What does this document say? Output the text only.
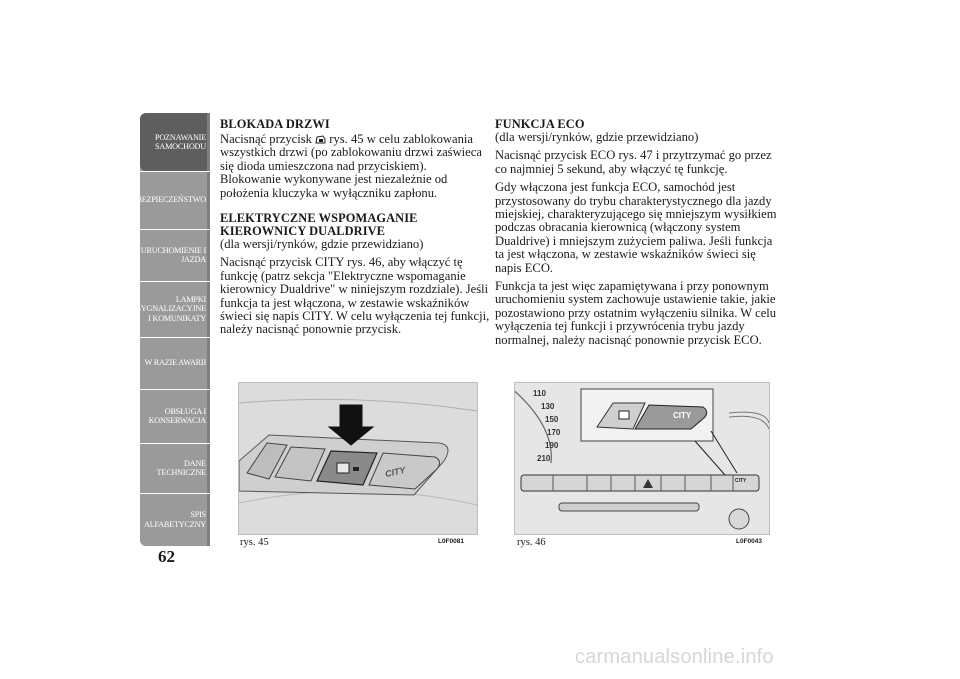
POZNAWANIE
SAMOCHODU
BEZPIECZEŃSTWO
URUCHOMIENIE I
JAZDA
LAMPKI
SYGNALIZACYJNE
I KOMUNIKATY
W RAZIE AWARII
OBSŁUGA I
KONSERWACJA
DANE
TECHNICZNE
SPIS
ALFABETYCZNY
62

BLOKADA DRZWI

Nacisnąć przycisk  rys. 45 w celu zablokowania wszystkich drzwi (po zablokowaniu drzwi zaświeca się dioda umieszczona nad przyciskiem). Blokowanie wykonywane jest niezależnie od położenia kluczyka w wyłączniku zapłonu.

ELEKTRYCZNE WSPOMAGANIE KIEROWNICY DUALDRIVE

(dla wersji/rynków, gdzie przewidziano)

Nacisnąć przycisk CITY rys. 46, aby włączyć tę funkcję (patrz sekcja "Elektryczne wspomaganie kierownicy Dualdrive" w niniejszym rozdziale). Jeśli funkcja ta jest włączona, w zestawie wskaźników świeci się napis CITY. W celu wyłączenia tej funkcji, należy nacisnąć ponownie przycisk.

FUNKCJA ECO

(dla wersji/rynków, gdzie przewidziano)

Nacisnąć przycisk ECO rys. 47 i przytrzymać go przez co najmniej 5 sekund, aby włączyć tę funkcję.

Gdy włączona jest funkcja ECO, samochód jest przystosowany do trybu charakterystycznego dla jazdy miejskiej, charakteryzującego się mniejszym wysiłkiem podczas obracania kierownicą (włączony system Dualdrive) i mniejszym zużyciem paliwa. Jeśli funkcja ta jest włączona, w zestawie wskaźników świeci się napis ECO.

Funkcja ta jest więc zapamiętywana i przy ponownym uruchomieniu system zachowuje ustawienie takie, jakie pozostawiono przy ostatnim wyłączeniu silnika. W celu wyłączenia tej funkcji i przywrócenia trybu jazdy normalnej, należy nacisnąć ponownie przycisk ECO.

CITY
rys. 45	L0F0081
CITY
CITY
110
130
150
170
190
210
rys. 46	L0F0043
carmanualsonline.info
